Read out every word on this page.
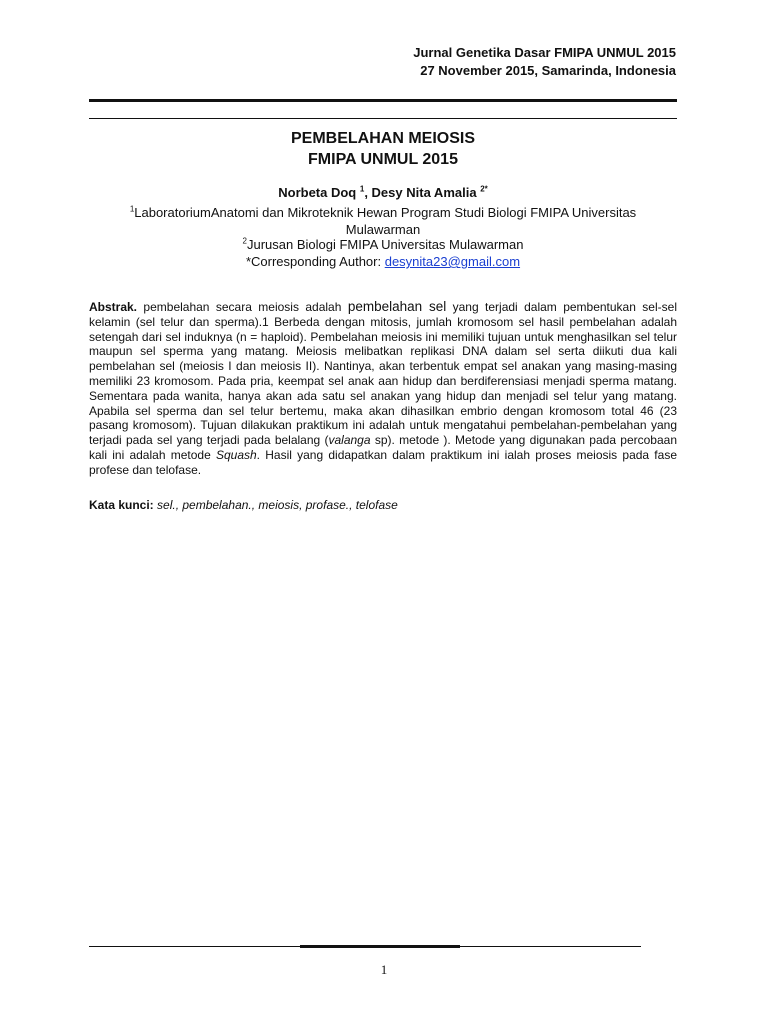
Jurnal Genetika Dasar FMIPA UNMUL 2015
27 November 2015, Samarinda, Indonesia
PEMBELAHAN MEIOSIS
FMIPA UNMUL 2015
Norbeta Doq $^1$, Desy Nita Amalia $^{2*}$
$^1$LaboratoriumAnatomi dan Mikroteknik Hewan Program Studi Biologi FMIPA Universitas
Mulawarman
$^2$Jurusan Biologi FMIPA Universitas Mulawarman
*Corresponding Author: desynita23@gmail.com
Abstrak. pembelahan secara meiosis adalah pembelahan sel yang terjadi dalam pembentukan sel-sel kelamin (sel telur dan sperma).1 Berbeda dengan mitosis, jumlah kromosom sel hasil pembelahan adalah setengah dari sel induknya (n = haploid). Pembelahan meiosis ini memiliki tujuan untuk menghasilkan sel telur maupun sel sperma yang matang. Meiosis melibatkan replikasi DNA dalam sel serta diikuti dua kali pembelahan sel (meiosis I dan meiosis II). Nantinya, akan terbentuk empat sel anakan yang masing-masing memiliki 23 kromosom. Pada pria, keempat sel anak aan hidup dan berdiferensiasi menjadi sperma matang. Sementara pada wanita, hanya akan ada satu sel anakan yang hidup dan menjadi sel telur yang matang. Apabila sel sperma dan sel telur bertemu, maka akan dihasilkan embrio dengan kromosom total 46 (23 pasang kromosom). Tujuan dilakukan praktikum ini adalah untuk mengatahui pembelahan-pembelahan yang terjadi pada sel yang terjadi pada belalang (valanga sp). metode ). Metode yang digunakan pada percobaan kali ini adalah metode Squash. Hasil yang didapatkan dalam praktikum ini ialah proses meiosis pada fase profese dan telofase.
Kata kunci: sel., pembelahan., meiosis, profase., telofase
1
